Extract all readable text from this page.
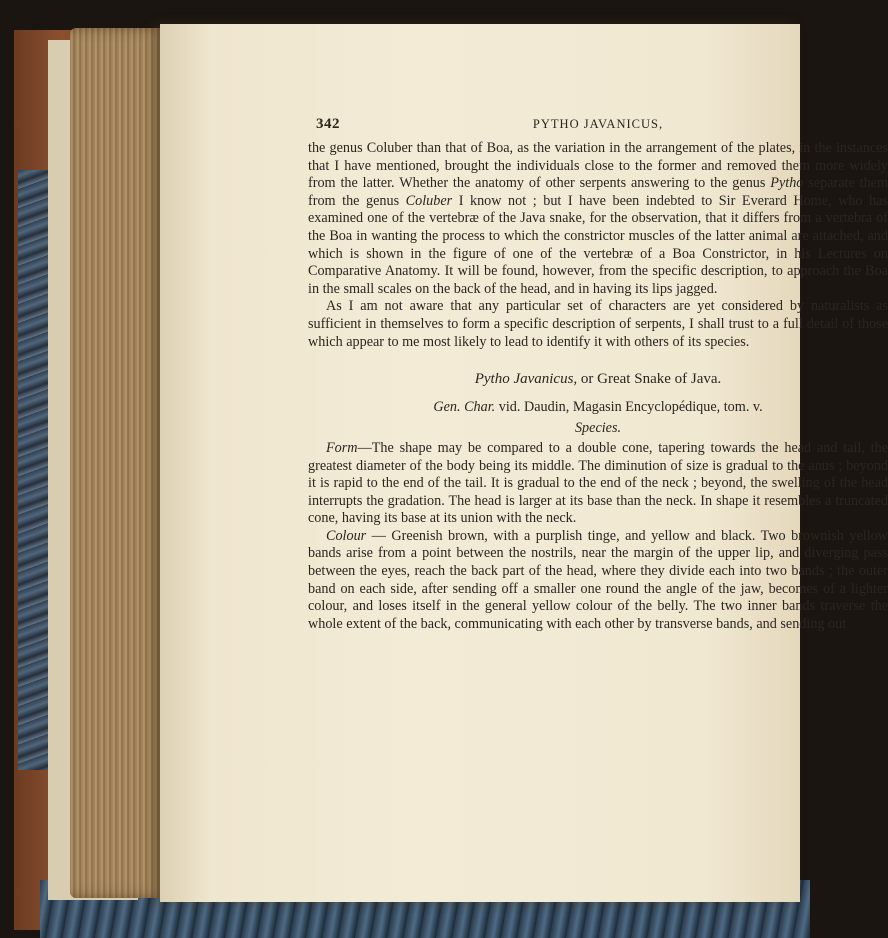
342	PYTHO JAVANICUS,

the genus Coluber than that of Boa, as the variation in the arrangement of the plates, in the instances that I have mentioned, brought the individuals close to the former and removed them more widely from the latter. Whether the anatomy of other serpents answering to the genus Pytho separate them from the genus Coluber I know not ; but I have been indebted to Sir Everard Home, who has examined one of the vertebræ of the Java snake, for the observation, that it differs from a vertebra of the Boa in wanting the process to which the constrictor muscles of the latter animal are attached, and which is shown in the figure of one of the vertebræ of a Boa Constrictor, in his Lectures on Comparative Anatomy. It will be found, however, from the specific description, to approach the Boa in the small scales on the back of the head, and in having its lips jagged.

As I am not aware that any particular set of characters are yet considered by naturalists as sufficient in themselves to form a specific description of serpents, I shall trust to a full detail of those which appear to me most likely to lead to identify it with others of its species.

Pytho Javanicus, or Great Snake of Java.

Gen. Char. vid. Daudin, Magasin Encyclopédique, tom. v.

Species.

Form—The shape may be compared to a double cone, tapering towards the head and tail, the greatest diameter of the body being its middle. The diminution of size is gradual to the anus ; beyond it is rapid to the end of the tail. It is gradual to the end of the neck ; beyond, the swelling of the head interrupts the gradation. The head is larger at its base than the neck. In shape it resembles a truncated cone, having its base at its union with the neck.

Colour — Greenish brown, with a purplish tinge, and yellow and black. Two brownish yellow bands arise from a point between the nostrils, near the margin of the upper lip, and diverging pass between the eyes, reach the back part of the head, where they divide each into two bands ; the outer band on each side, after sending off a smaller one round the angle of the jaw, becomes of a lighter colour, and loses itself in the general yellow colour of the belly. The two inner bands traverse the whole extent of the back, communicating with each other by transverse bands, and sending out
